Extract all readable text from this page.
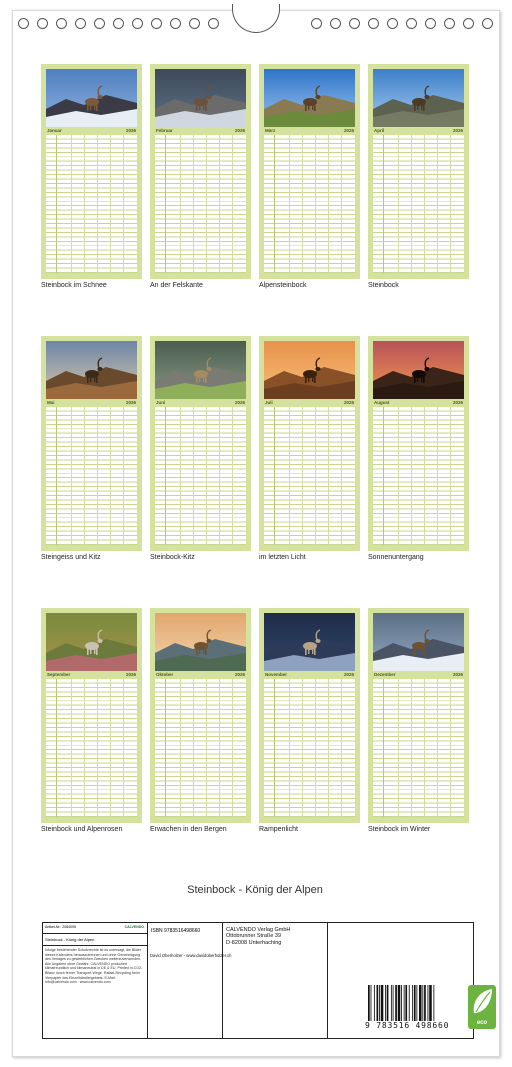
Januar	2026
Steinbock im Schnee
Februar	2026
An der Felskante
März	2026
Alpensteinbock
April	2026
Steinbock
Mai	2026
Steingeiss und Kitz
Juni	2026
Steinbock-Kitz
Juli	2026
im letzten Licht
August	2026
Sonnenuntergang
September	2026
Steinbock und Alpenrosen
Oktober	2026
Erwachen in den Bergen
November	2026
Rampenlicht
Dezember	2026
Steinbock im Winter
Steinbock - König der Alpen
Artikel-Nr.: 2084095	CALVENDO
Steinbock - König der Alpen
Infolge bestehender Schutzrechte ist es untersagt, die Bilder dieses Kalenders herauszutrennen und ohne Genehmigung des Verlages zu gewerblichen Zwecken weiterzuverwenden. Alle Angaben ohne Gewähr. CALVENDO produziert klimafreundlich und klimaneutral in DE & EU. Printed in CO2-Bilanz durch ferner Transport-Wege. Rafael-Recycling beim Vierpapier des Einzelhändlergebiets. E-Mail: info@calvendo.com · www.calvendo.com
ISBN 9783516498660	CALVENDO Verlag GmbH
Ottobrunner Straße 39
D-82008 Unterhaching
David Oberholzer - www.davidoberholzer.ch
9 783516 498660	eco
